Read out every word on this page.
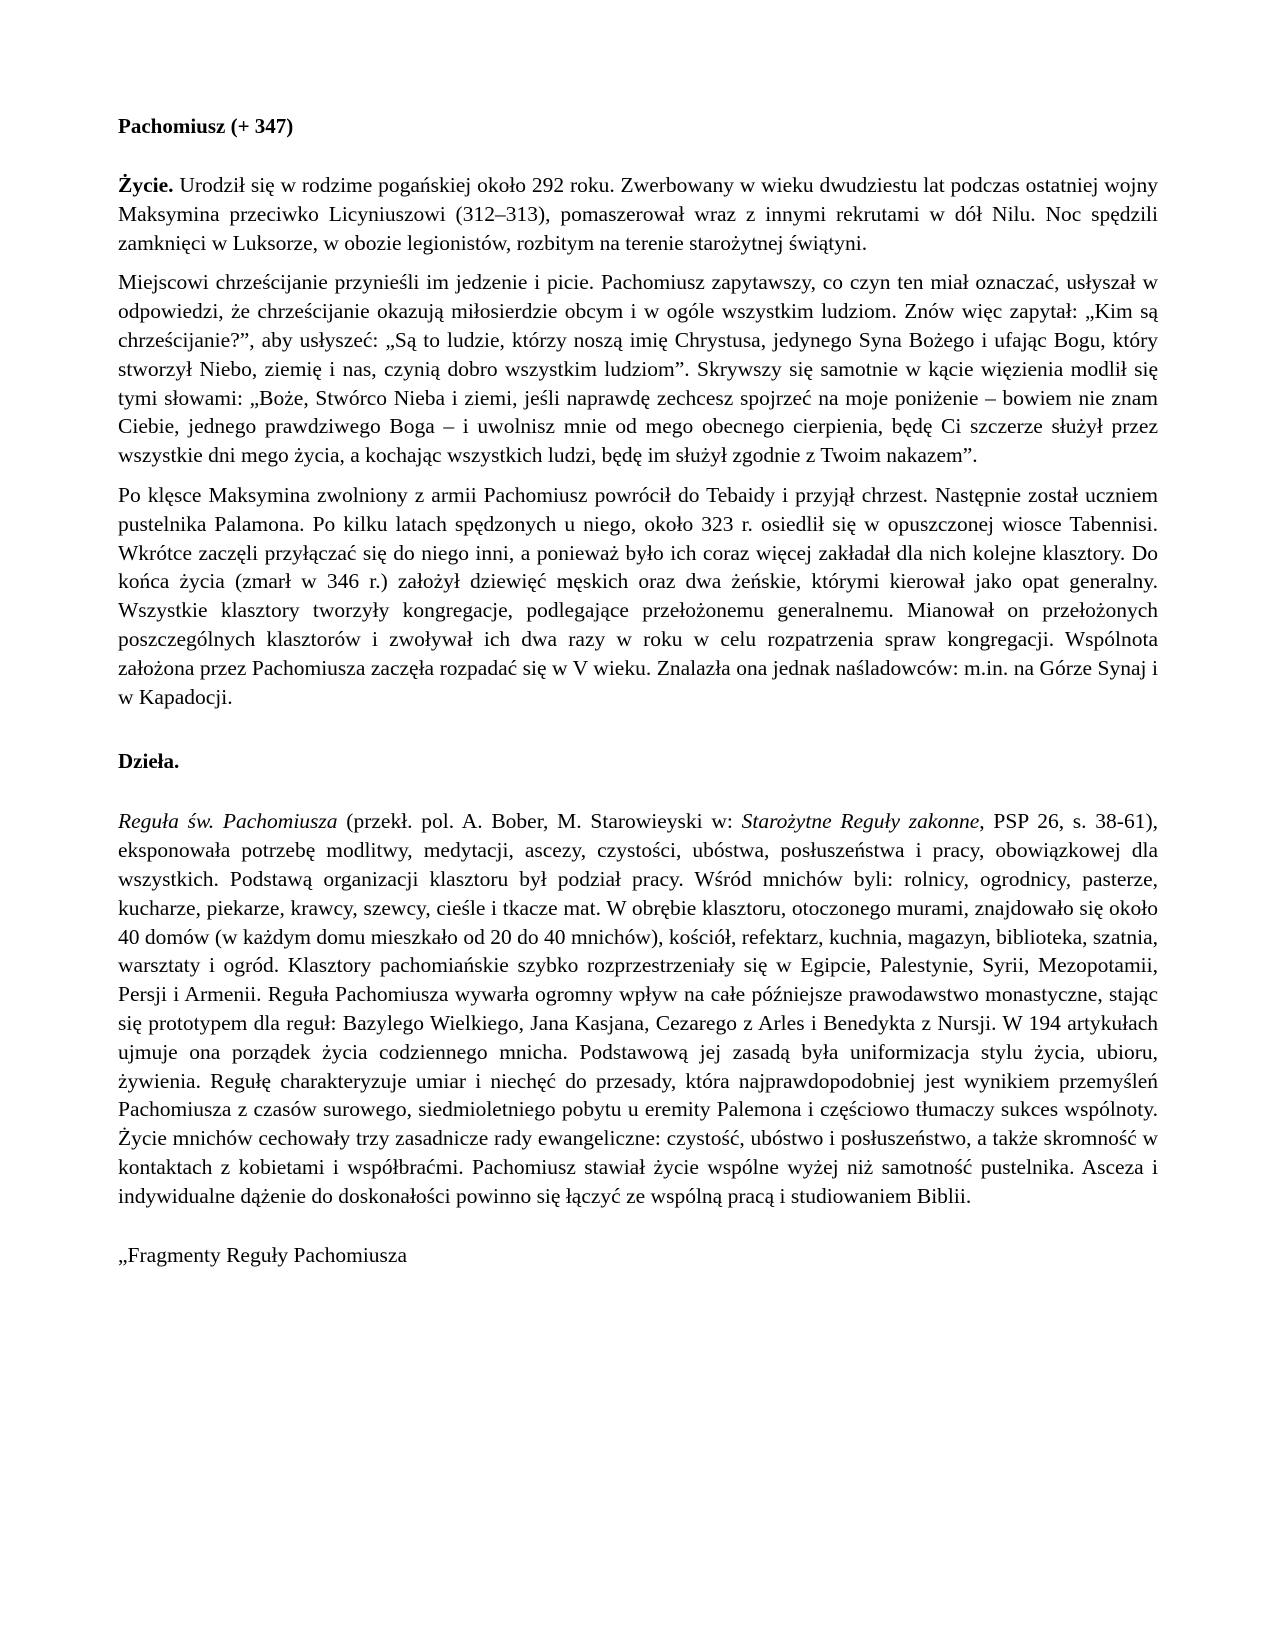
Pachomiusz (+ 347)

Życie. Urodził się w rodzime pogańskiej około 292 roku. Zwerbowany w wieku dwudziestu lat podczas ostatniej wojny Maksymina przeciwko Licyniuszowi (312–313), pomaszerował wraz z innymi rekrutami w dół Nilu. Noc spędzili zamknięci w Luksorze, w obozie legionistów, rozbitym na terenie starożytnej świątyni.

Miejscowi chrześcijanie przynieśli im jedzenie i picie. Pachomiusz zapytawszy, co czyn ten miał oznaczać, usłyszał w odpowiedzi, że chrześcijanie okazują miłosierdzie obcym i w ogóle wszystkim ludziom. Znów więc zapytał: „Kim są chrześcijanie?”, aby usłyszeć: „Są to ludzie, którzy noszą imię Chrystusa, jedynego Syna Bożego i ufając Bogu, który stworzył Niebo, ziemię i nas, czynią dobro wszystkim ludziom”. Skrywszy się samotnie w kącie więzienia modlił się tymi słowami: „Boże, Stwórco Nieba i ziemi, jeśli naprawdę zechcesz spojrzeć na moje poniżenie – bowiem nie znam Ciebie, jednego prawdziwego Boga – i uwolnisz mnie od mego obecnego cierpienia, będę Ci szczerze służył przez wszystkie dni mego życia, a kochając wszystkich ludzi, będę im służył zgodnie z Twoim nakazem”.

Po klęsce Maksymina zwolniony z armii Pachomiusz powrócił do Tebaidy i przyjął chrzest. Następnie został uczniem pustelnika Palamona. Po kilku latach spędzonych u niego, około 323 r. osiedlił się w opuszczonej wiosce Tabennisi. Wkrótce zaczęli przyłączać się do niego inni, a ponieważ było ich coraz więcej zakładał dla nich kolejne klasztory. Do końca życia (zmarł w 346 r.) założył dziewięć męskich oraz dwa żeńskie, którymi kierował jako opat generalny. Wszystkie klasztory tworzyły kongregacje, podlegające przełożonemu generalnemu. Mianował on przełożonych poszczególnych klasztorów i zwoływał ich dwa razy w roku w celu rozpatrzenia spraw kongregacji. Wspólnota założona przez Pachomiusza zaczęła rozpadać się w V wieku. Znalazła ona jednak naśladowców: m.in. na Górze Synaj i w Kapadocji.

Dzieła.

Reguła św. Pachomiusza (przekł. pol. A. Bober, M. Starowieyski w: Starożytne Reguły zakonne, PSP 26, s. 38-61), eksponowała potrzebę modlitwy, medytacji, ascezy, czystości, ubóstwa, posłuszeństwa i pracy, obowiązkowej dla wszystkich. Podstawą organizacji klasztoru był podział pracy. Wśród mnichów byli: rolnicy, ogrodnicy, pasterze, kucharze, piekarze, krawcy, szewcy, cieśle i tkacze mat. W obrębie klasztoru, otoczonego murami, znajdowało się około 40 domów (w każdym domu mieszkało od 20 do 40 mnichów), kościół, refektarz, kuchnia, magazyn, biblioteka, szatnia, warsztaty i ogród. Klasztory pachomiańskie szybko rozprzestrzeniały się w Egipcie, Palestynie, Syrii, Mezopotamii, Persji i Armenii. Reguła Pachomiusza wywarła ogromny wpływ na całe późniejsze prawodawstwo monastyczne, stając się prototypem dla reguł: Bazylego Wielkiego, Jana Kasjana, Cezarego z Arles i Benedykta z Nursji. W 194 artykułach ujmuje ona porządek życia codziennego mnicha. Podstawową jej zasadą była uniformizacja stylu życia, ubioru, żywienia. Regułę charakteryzuje umiar i niechęć do przesady, która najprawdopodobniej jest wynikiem przemyśleń Pachomiusza z czasów surowego, siedmioletniego pobytu u eremity Palemona i częściowo tłumaczy sukces wspólnoty. Życie mnichów cechowały trzy zasadnicze rady ewangeliczne: czystość, ubóstwo i posłuszeństwo, a także skromność w kontaktach z kobietami i współbraćmi. Pachomiusz stawiał życie wspólne wyżej niż samotność pustelnika. Asceza i indywidualne dążenie do doskonałości powinno się łączyć ze wspólną pracą i studiowaniem Biblii.

„Fragmenty Reguły Pachomiusza
